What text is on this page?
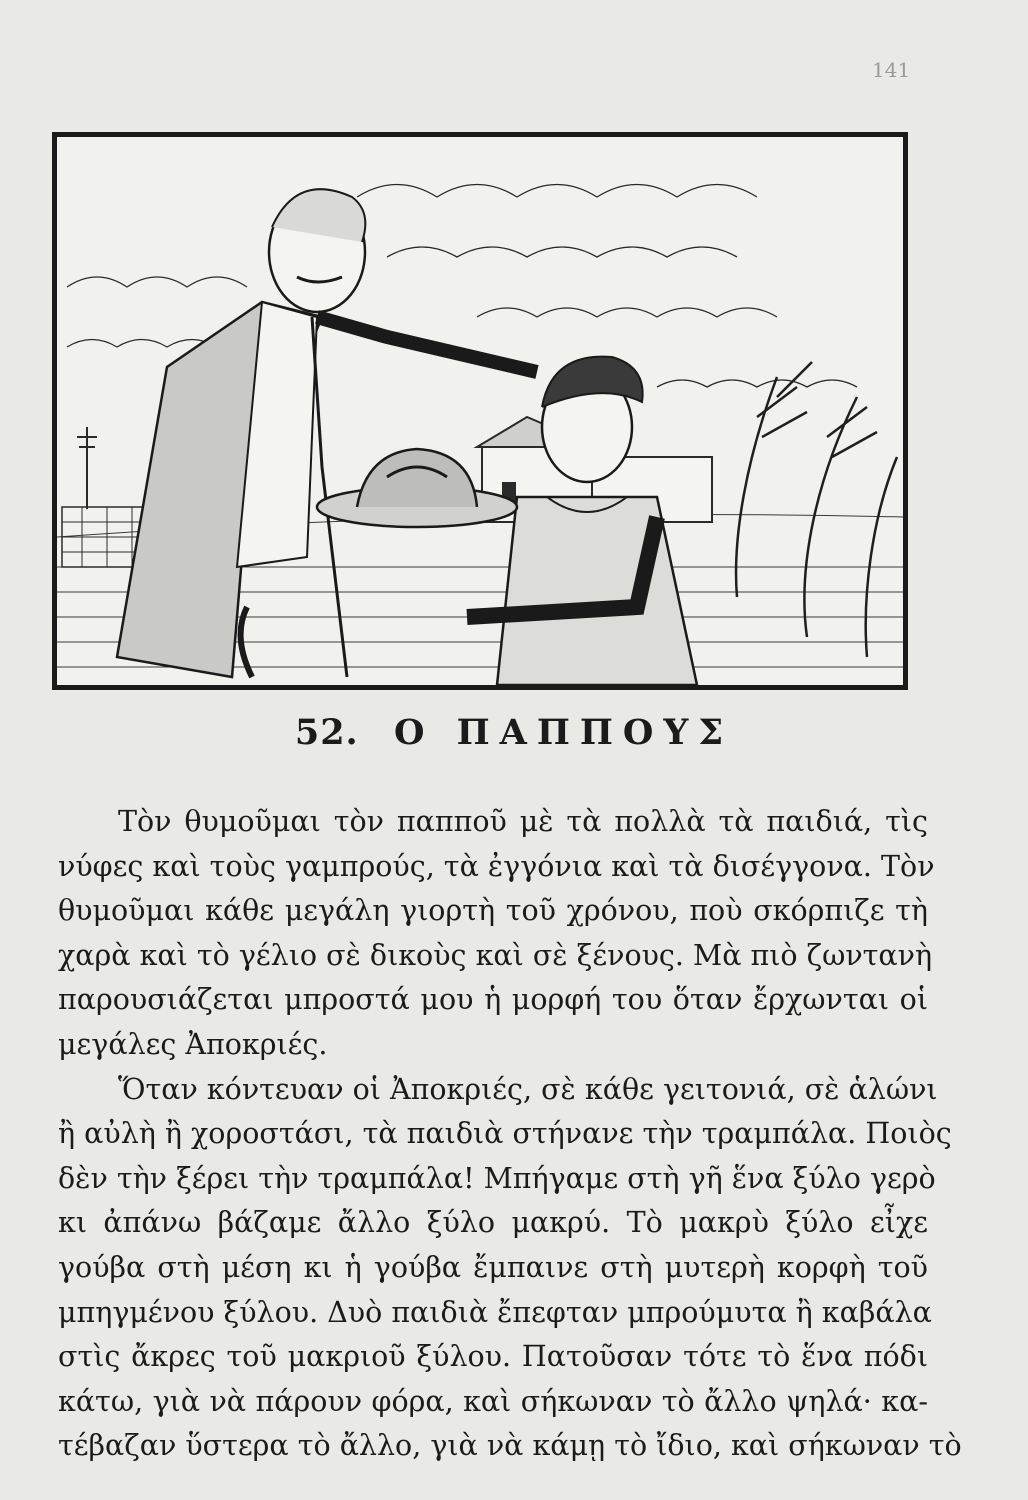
141
52. Ο ΠΑΠΠΟΥΣ
Τὸν θυμοῦμαι τὸν παπποῦ μὲ τὰ πολλὰ τὰ παιδιά, τὶς
νύφες καὶ τοὺς γαμπρούς, τὰ ἐγγόνια καὶ τὰ δισέγγονα. Τὸν
θυμοῦμαι κάθε μεγάλη γιορτὴ τοῦ χρόνου, ποὺ σκόρπιζε τὴ
χαρὰ καὶ τὸ γέλιο σὲ δικοὺς καὶ σὲ ξένους. Μὰ πιὸ ζωντανὴ
παρουσιάζεται μπροστά μου ἡ μορφή του ὅταν ἔρχωνται οἱ
μεγάλες Ἀποκριές.
Ὅταν κόντευαν οἱ Ἀποκριές, σὲ κάθε γειτονιά, σὲ ἁλώνι
ἢ αὐλὴ ἢ χοροστάσι, τὰ παιδιὰ στήνανε τὴν τραμπάλα. Ποιὸς
δὲν τὴν ξέρει τὴν τραμπάλα! Μπήγαμε στὴ γῆ ἕνα ξύλο γερὸ
κι ἀπάνω βάζαμε ἄλλο ξύλο μακρύ. Τὸ μακρὺ ξύλο εἶχε
γούβα στὴ μέση κι ἡ γούβα ἔμπαινε στὴ μυτερὴ κορφὴ τοῦ
μπηγμένου ξύλου. Δυὸ παιδιὰ ἔπεφταν μπρούμυτα ἢ καβάλα
στὶς ἄκρες τοῦ μακριοῦ ξύλου. Πατοῦσαν τότε τὸ ἕνα πόδι
κάτω, γιὰ νὰ πάρουν φόρα, καὶ σήκωναν τὸ ἄλλο ψηλά· κα-
τέβαζαν ὕστερα τὸ ἄλλο, γιὰ νὰ κάμῃ τὸ ἴδιο, καὶ σήκωναν τὸ
